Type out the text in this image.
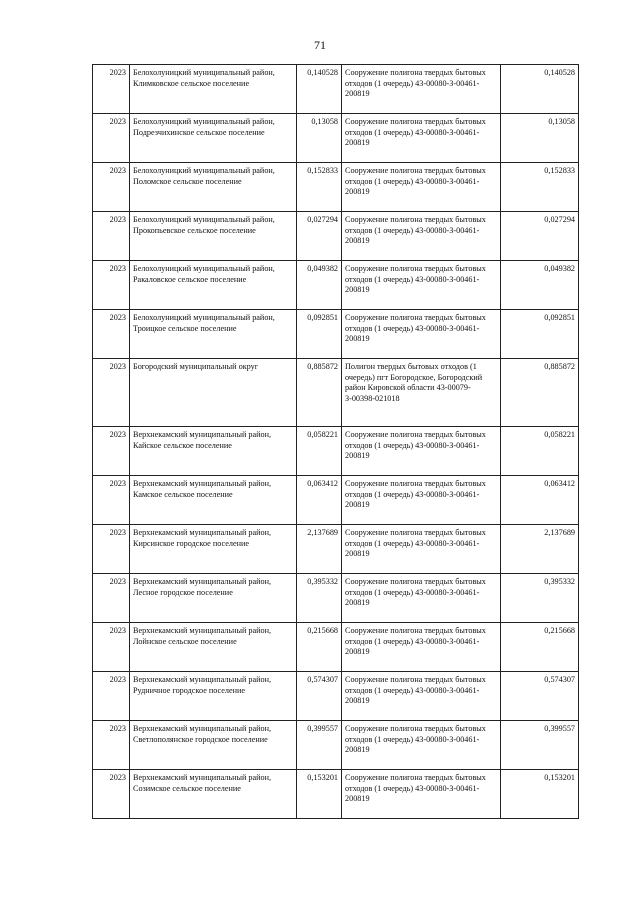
71
2023	Белохолуницкий муниципальный район, Климковское сельское поселение	0,140528	Сооружение полигона твердых бытовых отходов (1 очередь) 43-00080-З-00461-200819	0,140528
2023	Белохолуницкий муниципальный район, Подрезчихинское сельское поселение	0,13058	Сооружение полигона твердых бытовых отходов (1 очередь) 43-00080-З-00461-200819	0,13058
2023	Белохолуницкий муниципальный район, Поломское сельское поселение	0,152833	Сооружение полигона твердых бытовых отходов (1 очередь) 43-00080-З-00461-200819	0,152833
2023	Белохолуницкий муниципальный район, Прокопьевское сельское поселение	0,027294	Сооружение полигона твердых бытовых отходов (1 очередь) 43-00080-З-00461-200819	0,027294
2023	Белохолуницкий муниципальный район, Ракаловское сельское поселение	0,049382	Сооружение полигона твердых бытовых отходов (1 очередь) 43-00080-З-00461-200819	0,049382
2023	Белохолуницкий муниципальный район, Троицкое сельское поселение	0,092851	Сооружение полигона твердых бытовых отходов (1 очередь) 43-00080-З-00461-200819	0,092851
2023	Богородский муниципальный округ	0,885872	Полигон твердых бытовых отходов (1 очередь) пгт Богородское, Богородский район Кировской области 43-00079-З-00398-021018	0,885872
2023	Верхнекамский муниципальный район, Кайское сельское поселение	0,058221	Сооружение полигона твердых бытовых отходов (1 очередь) 43-00080-З-00461-200819	0,058221
2023	Верхнекамский муниципальный район, Камское сельское поселение	0,063412	Сооружение полигона твердых бытовых отходов (1 очередь) 43-00080-З-00461-200819	0,063412
2023	Верхнекамский муниципальный район, Кирсинское городское поселение	2,137689	Сооружение полигона твердых бытовых отходов (1 очередь) 43-00080-З-00461-200819	2,137689
2023	Верхнекамский муниципальный район, Лесное городское поселение	0,395332	Сооружение полигона твердых бытовых отходов (1 очередь) 43-00080-З-00461-200819	0,395332
2023	Верхнекамский муниципальный район, Лойнское сельское поселение	0,215668	Сооружение полигона твердых бытовых отходов (1 очередь) 43-00080-З-00461-200819	0,215668
2023	Верхнекамский муниципальный район, Рудничное городское поселение	0,574307	Сооружение полигона твердых бытовых отходов (1 очередь) 43-00080-З-00461-200819	0,574307
2023	Верхнекамский муниципальный район, Светлополянское городское поселение	0,399557	Сооружение полигона твердых бытовых отходов (1 очередь) 43-00080-З-00461-200819	0,399557
2023	Верхнекамский муниципальный район, Созимское сельское поселение	0,153201	Сооружение полигона твердых бытовых отходов (1 очередь) 43-00080-З-00461-200819	0,153201
